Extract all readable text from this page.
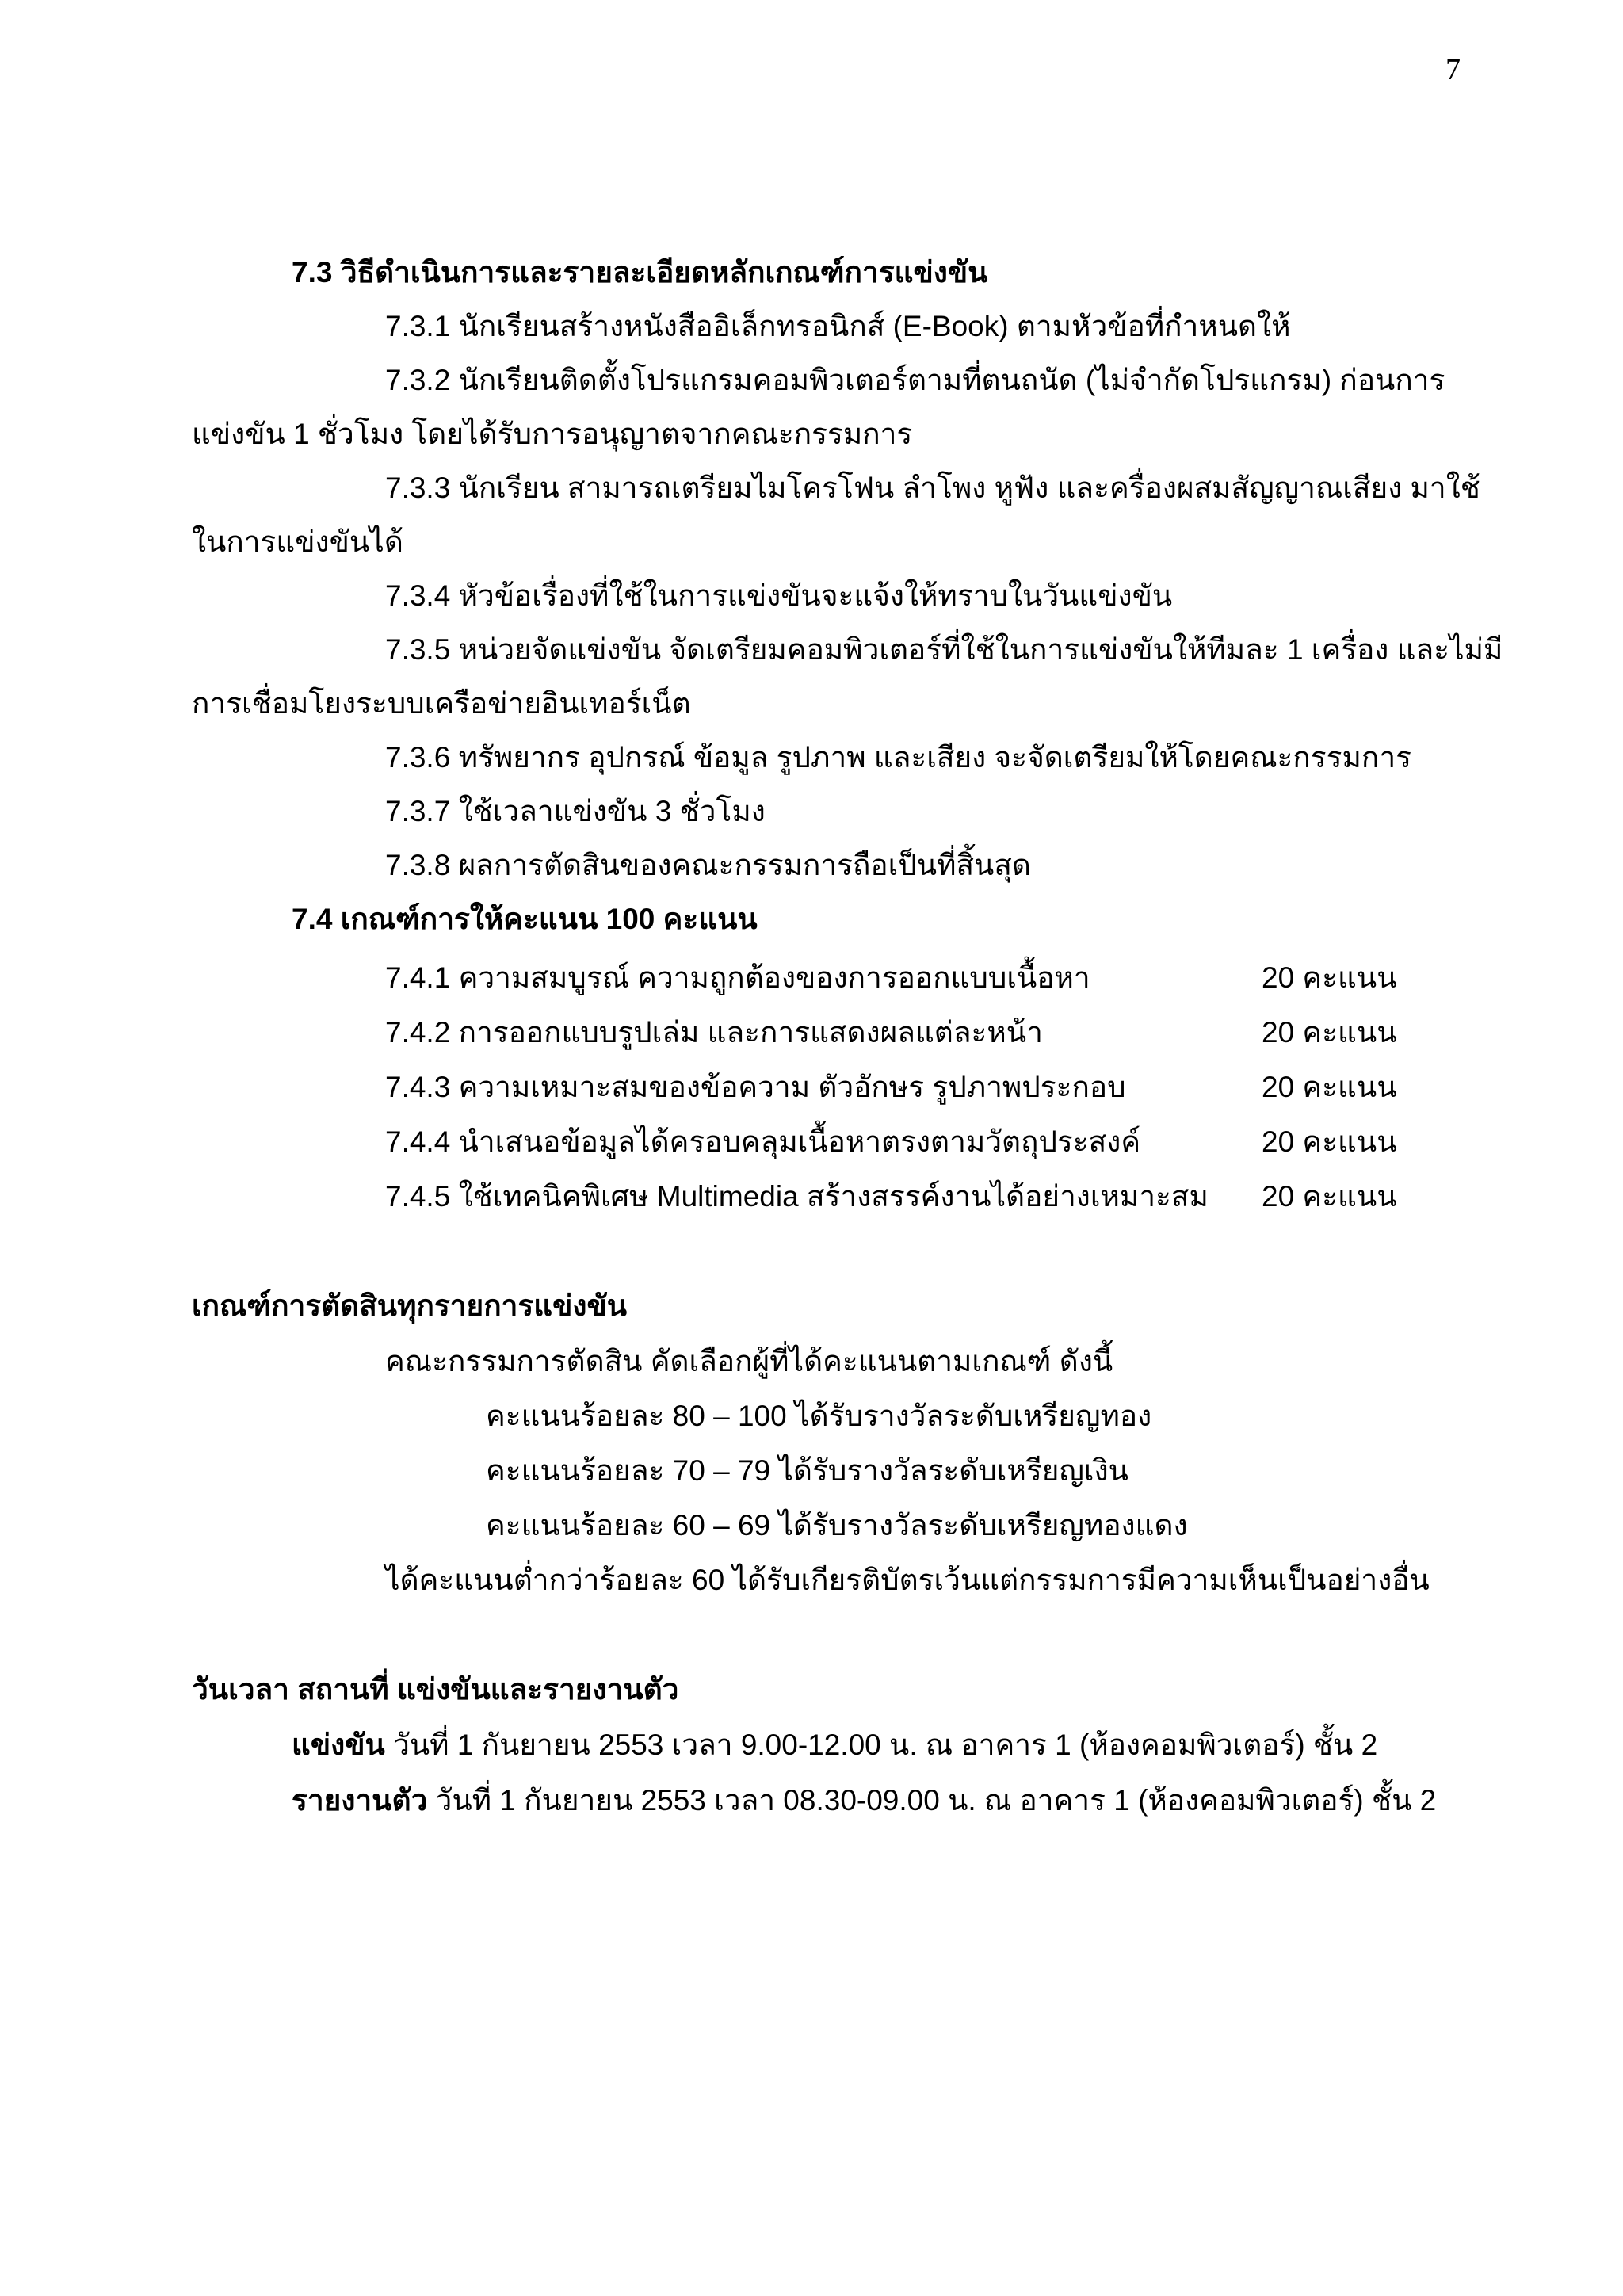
7
7.3 วิธีดำเนินการและรายละเอียดหลักเกณฑ์การแข่งขัน
7.3.1 นักเรียนสร้างหนังสืออิเล็กทรอนิกส์ (E-Book) ตามหัวข้อที่กำหนดให้
7.3.2 นักเรียนติดตั้งโปรแกรมคอมพิวเตอร์ตามที่ตนถนัด (ไม่จำกัดโปรแกรม) ก่อนการ
แข่งขัน 1 ชั่วโมง โดยได้รับการอนุญาตจากคณะกรรมการ
7.3.3 นักเรียน สามารถเตรียมไมโครโฟน ลำโพง หูฟัง และครื่องผสมสัญญาณเสียง มาใช้
ในการแข่งขันได้
7.3.4 หัวข้อเรื่องที่ใช้ในการแข่งขันจะแจ้งให้ทราบในวันแข่งขัน
7.3.5 หน่วยจัดแข่งขัน จัดเตรียมคอมพิวเตอร์ที่ใช้ในการแข่งขันให้ทีมละ 1 เครื่อง และไม่มี
การเชื่อมโยงระบบเครือข่ายอินเทอร์เน็ต
7.3.6 ทรัพยากร อุปกรณ์ ข้อมูล รูปภาพ และเสียง จะจัดเตรียมให้โดยคณะกรรมการ
7.3.7 ใช้เวลาแข่งขัน 3 ชั่วโมง
7.3.8 ผลการตัดสินของคณะกรรมการถือเป็นที่สิ้นสุด
7.4 เกณฑ์การให้คะแนน 100 คะแนน
7.4.1 ความสมบูรณ์ ความถูกต้องของการออกแบบเนื้อหา	20 คะแนน
7.4.2 การออกแบบรูปเล่ม และการแสดงผลแต่ละหน้า	20 คะแนน
7.4.3 ความเหมาะสมของข้อความ ตัวอักษร รูปภาพประกอบ	20 คะแนน
7.4.4 นำเสนอข้อมูลได้ครอบคลุมเนื้อหาตรงตามวัตถุประสงค์	20 คะแนน
7.4.5 ใช้เทคนิคพิเศษ Multimedia สร้างสรรค์งานได้อย่างเหมาะสม 20 คะแนน
เกณฑ์การตัดสินทุกรายการแข่งขัน
คณะกรรมการตัดสิน คัดเลือกผู้ที่ได้คะแนนตามเกณฑ์ ดังนี้
คะแนนร้อยละ 80 – 100 ได้รับรางวัลระดับเหรียญทอง
คะแนนร้อยละ 70 – 79 ได้รับรางวัลระดับเหรียญเงิน
คะแนนร้อยละ 60 – 69 ได้รับรางวัลระดับเหรียญทองแดง
ได้คะแนนต่ำกว่าร้อยละ 60 ได้รับเกียรติบัตรเว้นแต่กรรมการมีความเห็นเป็นอย่างอื่น
วันเวลา สถานที่ แข่งขันและรายงานตัว
แข่งขัน วันที่ 1 กันยายน 2553 เวลา 9.00-12.00 น. ณ อาคาร 1 (ห้องคอมพิวเตอร์) ชั้น 2
รายงานตัว วันที่ 1 กันยายน 2553 เวลา 08.30-09.00 น. ณ อาคาร 1 (ห้องคอมพิวเตอร์) ชั้น 2
